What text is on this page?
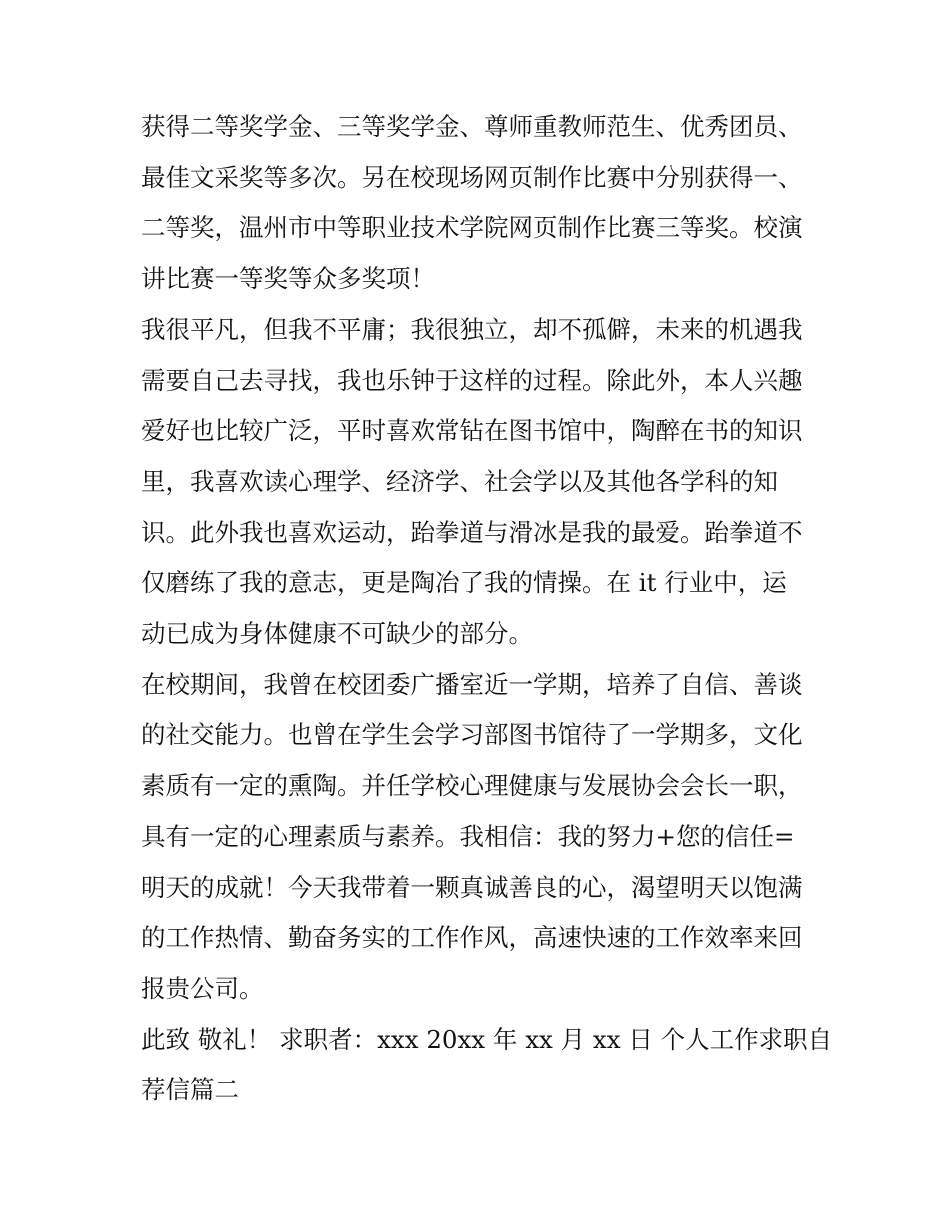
获得二等奖学金、三等奖学金、尊师重教师范生、优秀团员、
最佳文采奖等多次。另在校现场网页制作比赛中分别获得一、
二等奖，温州市中等职业技术学院网页制作比赛三等奖。校演
讲比赛一等奖等众多奖项！

我很平凡，但我不平庸；我很独立，却不孤僻，未来的机遇我
需要自己去寻找，我也乐钟于这样的过程。除此外，本人兴趣
爱好也比较广泛，平时喜欢常钻在图书馆中，陶醉在书的知识
里，我喜欢读心理学、经济学、社会学以及其他各学科的知
识。此外我也喜欢运动，跆拳道与滑冰是我的最爱。跆拳道不
仅磨练了我的意志，更是陶冶了我的情操。在 it 行业中，运
动已成为身体健康不可缺少的部分。

在校期间，我曾在校团委广播室近一学期，培养了自信、善谈
的社交能力。也曾在学生会学习部图书馆待了一学期多，文化
素质有一定的熏陶。并任学校心理健康与发展协会会长一职，
具有一定的心理素质与素养。我相信：我的努力+您的信任=
明天的成就！今天我带着一颗真诚善良的心，渴望明天以饱满
的工作热情、勤奋务实的工作作风，高速快速的工作效率来回
报贵公司。

此致 敬礼！ 求职者：xxx 20xx 年 xx 月 xx 日 个人工作求职自
荐信篇二
